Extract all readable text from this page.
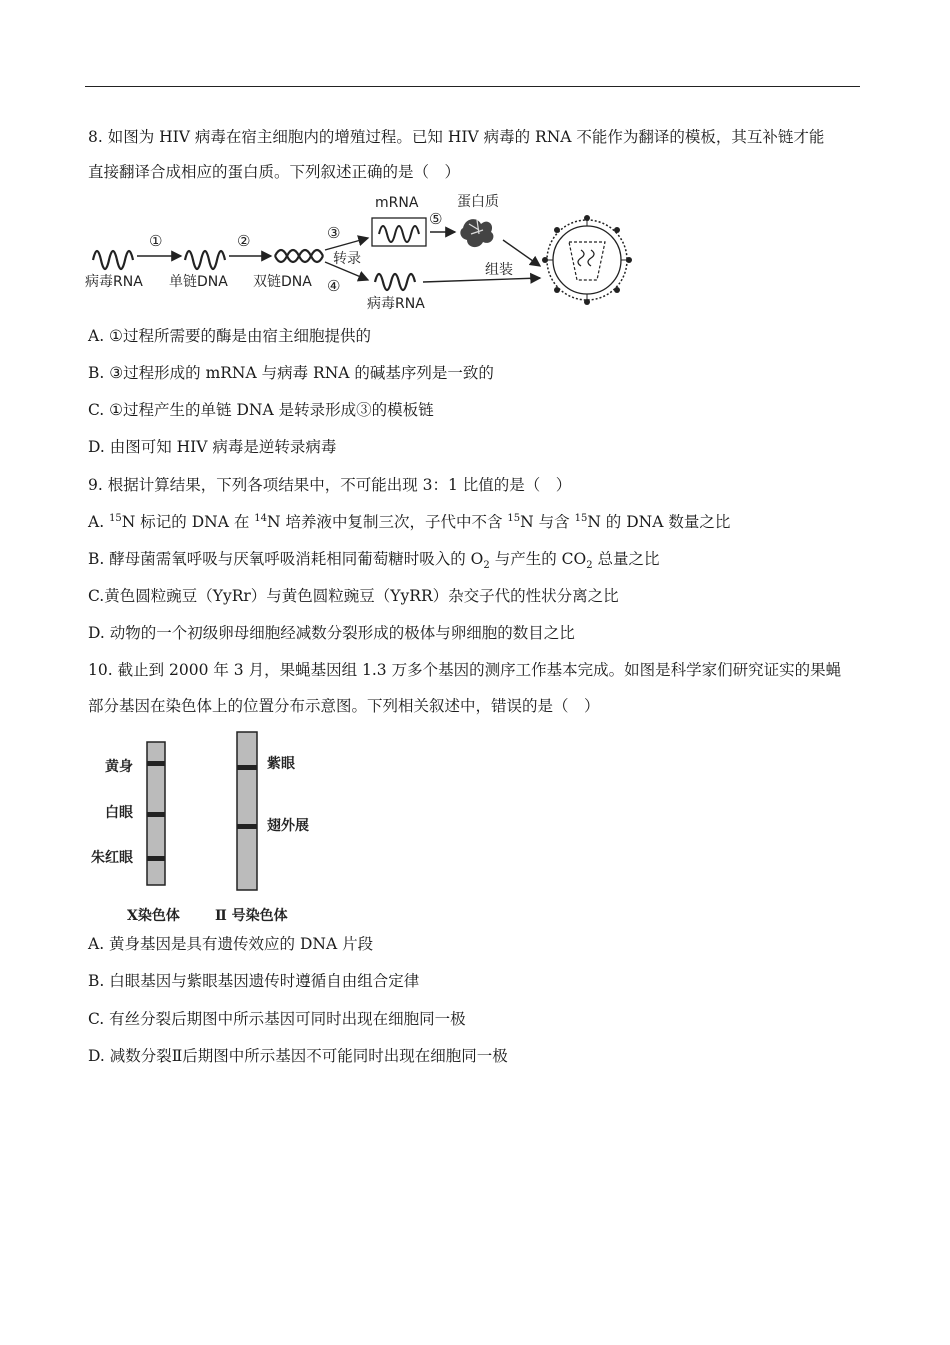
8. 如图为 HIV 病毒在宿主细胞内的增殖过程。已知 HIV 病毒的 RNA 不能作为翻译的模板，其互补链才能
直接翻译合成相应的蛋白质。下列叙述正确的是（　）
病毒RNA
①
单链DNA
②
双链DNA
③
转录
④
mRNA
病毒RNA
⑤
蛋白质
组装
A. ①过程所需要的酶是由宿主细胞提供的
B. ③过程形成的 mRNA 与病毒 RNA 的碱基序列是一致的
C. ①过程产生的单链 DNA 是转录形成③的模板链
D. 由图可知 HIV 病毒是逆转录病毒
9. 根据计算结果，下列各项结果中，不可能出现 3：1 比值的是（　）
A. $^{15}$N 标记的 DNA 在 $^{14}$N 培养液中复制三次，子代中不含 $^{15}$N 与含 $^{15}$N 的 DNA 数量之比
B. 酵母菌需氧呼吸与厌氧呼吸消耗相同葡萄糖时吸入的 $O_2$ 与产生的 $CO_2$ 总量之比
C.黄色圆粒豌豆（YyRr）与黄色圆粒豌豆（YyRR）杂交子代的性状分离之比
D. 动物的一个初级卵母细胞经减数分裂形成的极体与卵细胞的数目之比
10. 截止到 2000 年 3 月，果蝇基因组 1.3 万多个基因的测序工作基本完成。如图是科学家们研究证实的果蝇
部分基因在染色体上的位置分布示意图。下列相关叙述中，错误的是（　）
黄身
白眼
朱红眼
X染色体
紫眼
翅外展
Ⅱ 号染色体
A. 黄身基因是具有遗传效应的 DNA 片段
B. 白眼基因与紫眼基因遗传时遵循自由组合定律
C. 有丝分裂后期图中所示基因可同时出现在细胞同一极
D. 减数分裂Ⅱ后期图中所示基因不可能同时出现在细胞同一极
